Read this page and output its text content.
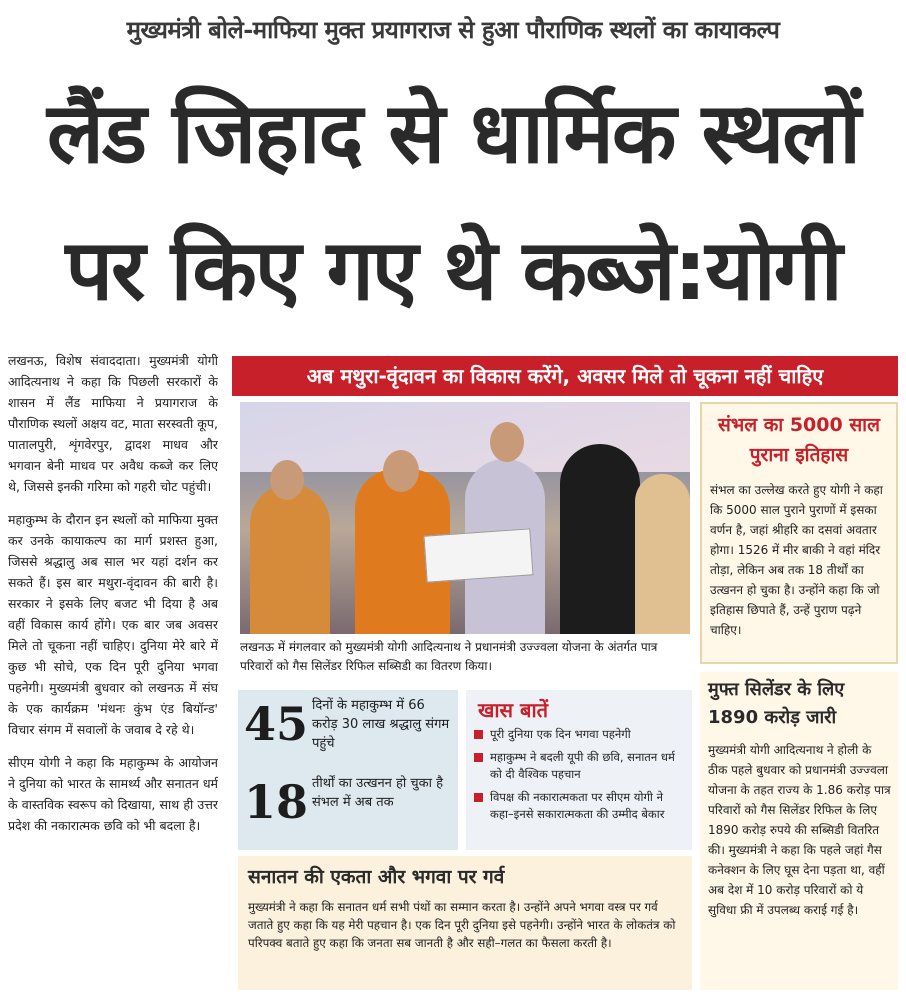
मुख्यमंत्री बोले-माफिया मुक्त प्रयागराज से हुआ पौराणिक स्थलों का कायाकल्प
लैंड जिहाद से धार्मिक स्थलों
पर किए गए थे कब्जे:योगी

लखनऊ, विशेष संवाददाता। मुख्यमंत्री योगी आदित्यनाथ ने कहा कि पिछली सरकारों के शासन में लैंड माफिया ने प्रयागराज के पौराणिक स्थलों अक्षय वट, माता सरस्वती कूप, पातालपुरी, शृंगवेरपुर, द्वादश माधव और भगवान बेनी माधव पर अवैध कब्जे कर लिए थे, जिससे इनकी गरिमा को गहरी चोट पहुंची।

महाकुम्भ के दौरान इन स्थलों को माफिया मुक्त कर उनके कायाकल्प का मार्ग प्रशस्त हुआ, जिससे श्रद्धालु अब साल भर यहां दर्शन कर सकते हैं। इस बार मथुरा-वृंदावन की बारी है। सरकार ने इसके लिए बजट भी दिया है अब वहीं विकास कार्य होंगे। एक बार जब अवसर मिले तो चूकना नहीं चाहिए। दुनिया मेरे बारे में कुछ भी सोचे, एक दिन पूरी दुनिया भगवा पहनेगी। मुख्यमंत्री बुधवार को लखनऊ में संघ के एक कार्यक्रम 'मंथनः कुंभ एंड बियॉन्ड' विचार संगम में सवालों के जवाब दे रहे थे।

सीएम योगी ने कहा कि महाकुम्भ के आयोजन ने दुनिया को भारत के सामर्थ्य और सनातन धर्म के वास्तविक स्वरूप को दिखाया, साथ ही उत्तर प्रदेश की नकारात्मक छवि को भी बदला है।

अब मथुरा-वृंदावन का विकास करेंगे, अवसर मिले तो चूकना नहीं चाहिए
लखनऊ में मंगलवार को मुख्यमंत्री योगी आदित्यनाथ ने प्रधानमंत्री उज्ज्वला योजना के अंतर्गत पात्र परिवारों को गैस सिलेंडर रिफिल सब्सिडी का वितरण किया।
45 दिनों के महाकुम्भ में 66 करोड़ 30 लाख श्रद्धालु संगम पहुंचे
18 तीर्थों का उत्खनन हो चुका है संभल में अब तक
खास बातें
पूरी दुनिया एक दिन भगवा पहनेगी
महाकुम्भ ने बदली यूपी की छवि, सनातन धर्म को दी वैश्विक पहचान
विपक्ष की नकारात्मकता पर सीएम योगी ने कहा–इनसे सकारात्मकता की उम्मीद बेकार
सनातन की एकता और भगवा पर गर्व
मुख्यमंत्री ने कहा कि सनातन धर्म सभी पंथों का सम्मान करता है। उन्होंने अपने भगवा वस्त्र पर गर्व जताते हुए कहा कि यह मेरी पहचान है। एक दिन पूरी दुनिया इसे पहनेगी। उन्होंने भारत के लोकतंत्र को परिपक्व बताते हुए कहा कि जनता सब जानती है और सही–गलत का फैसला करती है।
संभल का 5000 साल पुराना इतिहास
संभल का उल्लेख करते हुए योगी ने कहा कि 5000 साल पुराने पुराणों में इसका वर्णन है, जहां श्रीहरि का दसवां अवतार होगा। 1526 में मीर बाकी ने वहां मंदिर तोड़ा, लेकिन अब तक 18 तीर्थों का उत्खनन हो चुका है। उन्होंने कहा कि जो इतिहास छिपाते हैं, उन्हें पुराण पढ़ने चाहिए।
मुफ्त सिलेंडर के लिए 1890 करोड़ जारी
मुख्यमंत्री योगी आदित्यनाथ ने होली के ठीक पहले बुधवार को प्रधानमंत्री उज्ज्वला योजना के तहत राज्य के 1.86 करोड़ पात्र परिवारों को गैस सिलेंडर रिफिल के लिए 1890 करोड़ रुपये की सब्सिडी वितरित की। मुख्यमंत्री ने कहा कि पहले जहां गैस कनेक्शन के लिए घूस देना पड़ता था, वहीं अब देश में 10 करोड़ परिवारों को ये सुविधा फ्री में उपलब्ध कराई गई है।
